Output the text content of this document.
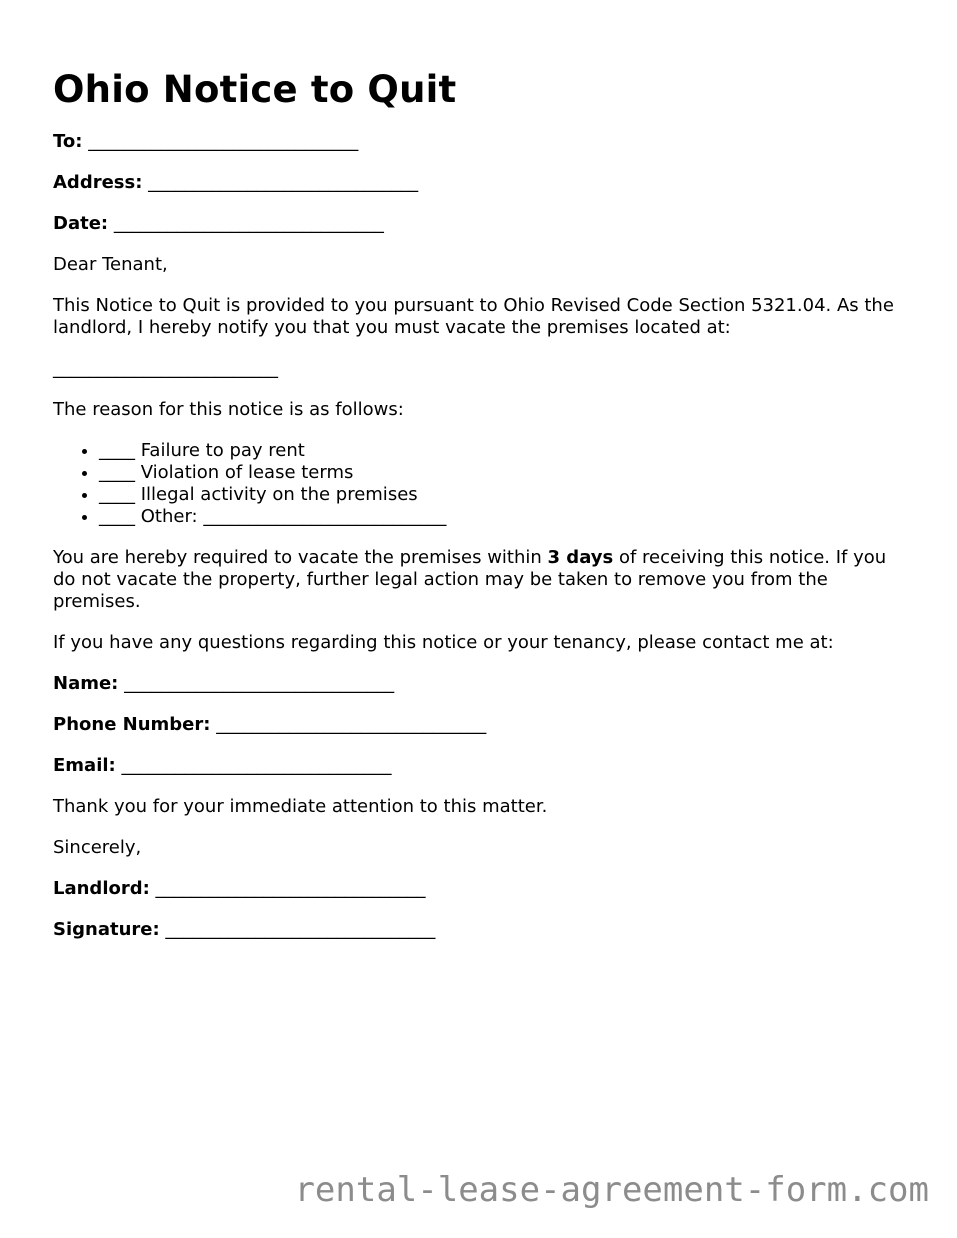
Ohio Notice to Quit

To: ______________________________

Address: ______________________________

Date: ______________________________

Dear Tenant,

This Notice to Quit is provided to you pursuant to Ohio Revised Code Section 5321.04. As the landlord, I hereby notify you that you must vacate the premises located at:

_________________________

The reason for this notice is as follows:

• ____ Failure to pay rent
• ____ Violation of lease terms
• ____ Illegal activity on the premises
• ____ Other: ___________________________

You are hereby required to vacate the premises within 3 days of receiving this notice. If you do not vacate the property, further legal action may be taken to remove you from the premises.

If you have any questions regarding this notice or your tenancy, please contact me at:

Name: ______________________________

Phone Number: ______________________________

Email: ______________________________

Thank you for your immediate attention to this matter.

Sincerely,

Landlord: ______________________________

Signature: ______________________________

rental-lease-agreement-form.com
